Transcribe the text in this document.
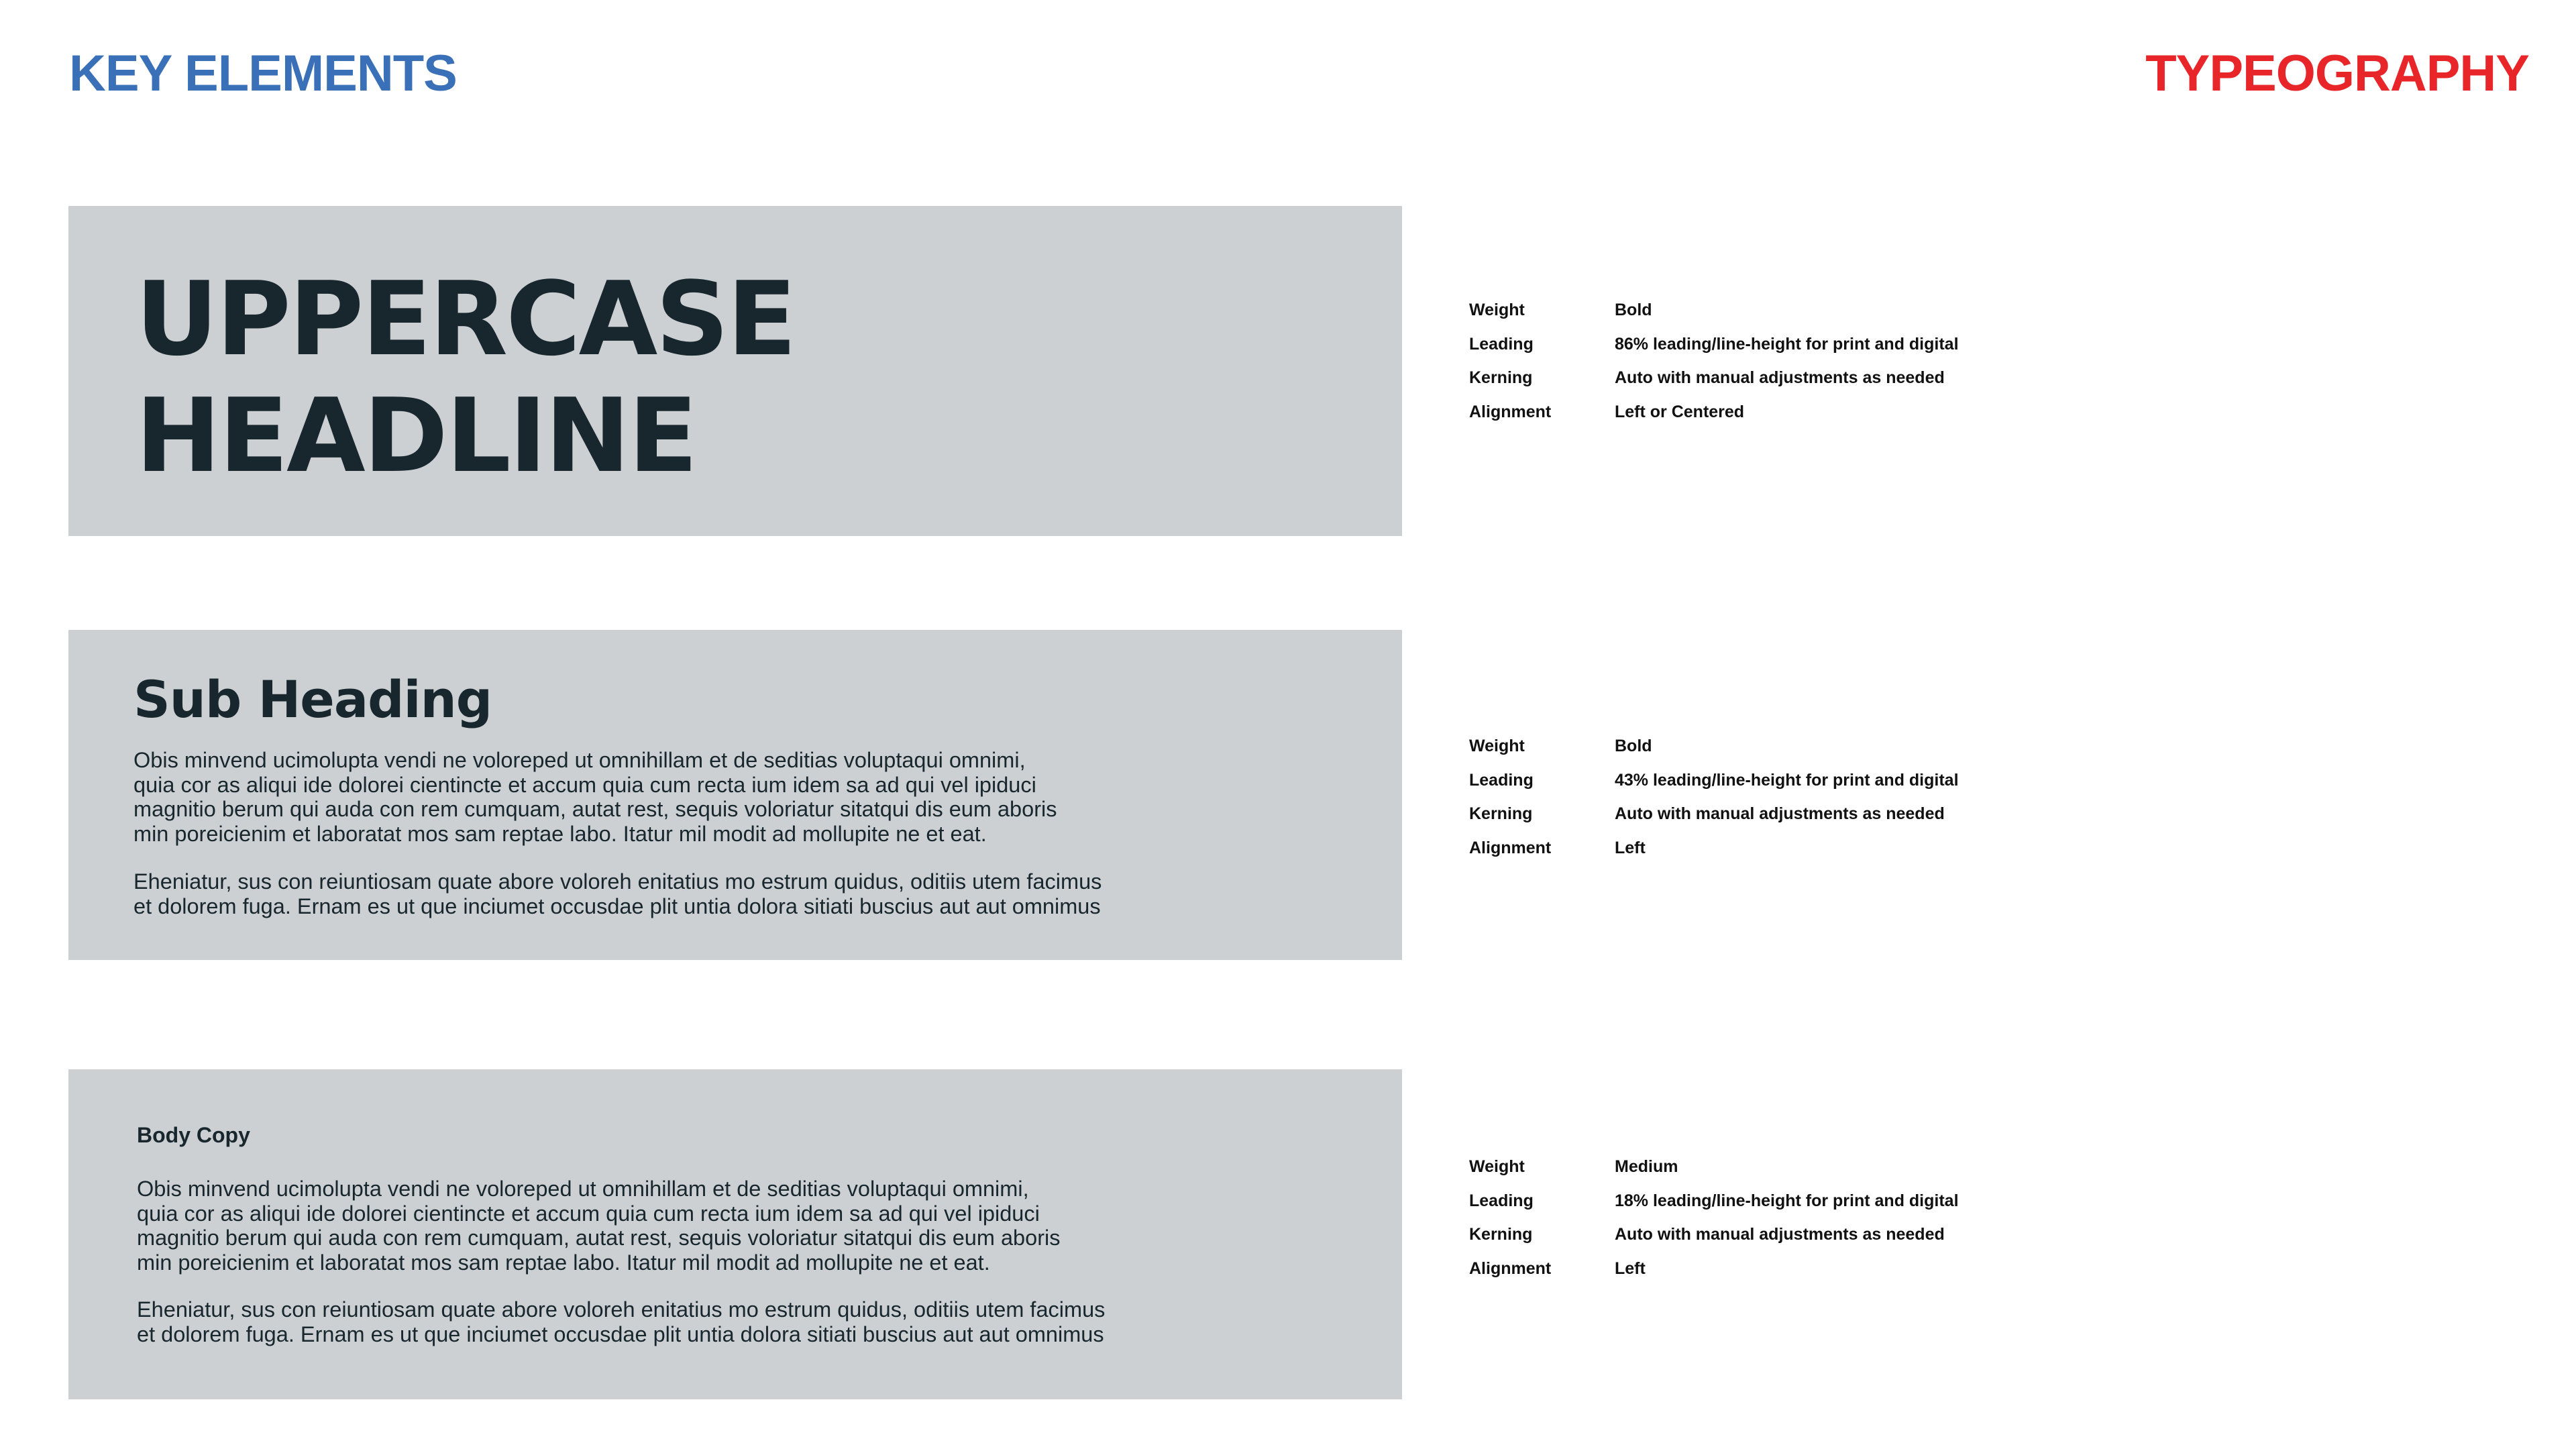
KEY ELEMENTS	TYPEOGRAPHY
UPPERCASE
HEADLINE
Sub Heading
Obis minvend ucimolupta vendi ne voloreped ut omnihillam et de seditias voluptaqui omnimi,
quia cor as aliqui ide dolorei cientincte et accum quia cum recta ium idem sa ad qui vel ipiduci
magnitio berum qui auda con rem cumquam, autat rest, sequis voloriatur sitatqui dis eum aboris
min poreicienim et laboratat mos sam reptae labo. Itatur mil modit ad mollupite ne et eat.
Eheniatur, sus con reiuntiosam quate abore voloreh enitatius mo estrum quidus, oditiis utem facimus
et dolorem fuga. Ernam es ut que inciumet occusdae plit untia dolora sitiati buscius aut aut omnimus
Body Copy
Obis minvend ucimolupta vendi ne voloreped ut omnihillam et de seditias voluptaqui omnimi,
quia cor as aliqui ide dolorei cientincte et accum quia cum recta ium idem sa ad qui vel ipiduci
magnitio berum qui auda con rem cumquam, autat rest, sequis voloriatur sitatqui dis eum aboris
min poreicienim et laboratat mos sam reptae labo. Itatur mil modit ad mollupite ne et eat.
Eheniatur, sus con reiuntiosam quate abore voloreh enitatius mo estrum quidus, oditiis utem facimus
et dolorem fuga. Ernam es ut que inciumet occusdae plit untia dolora sitiati buscius aut aut omnimus
Weight	Bold
Leading	86% leading/line-height for print and digital
Kerning	Auto with manual adjustments as needed
Alignment	Left or Centered
Weight	Bold
Leading	43% leading/line-height for print and digital
Kerning	Auto with manual adjustments as needed
Alignment	Left
Weight	Medium
Leading	18% leading/line-height for print and digital
Kerning	Auto with manual adjustments as needed
Alignment	Left
